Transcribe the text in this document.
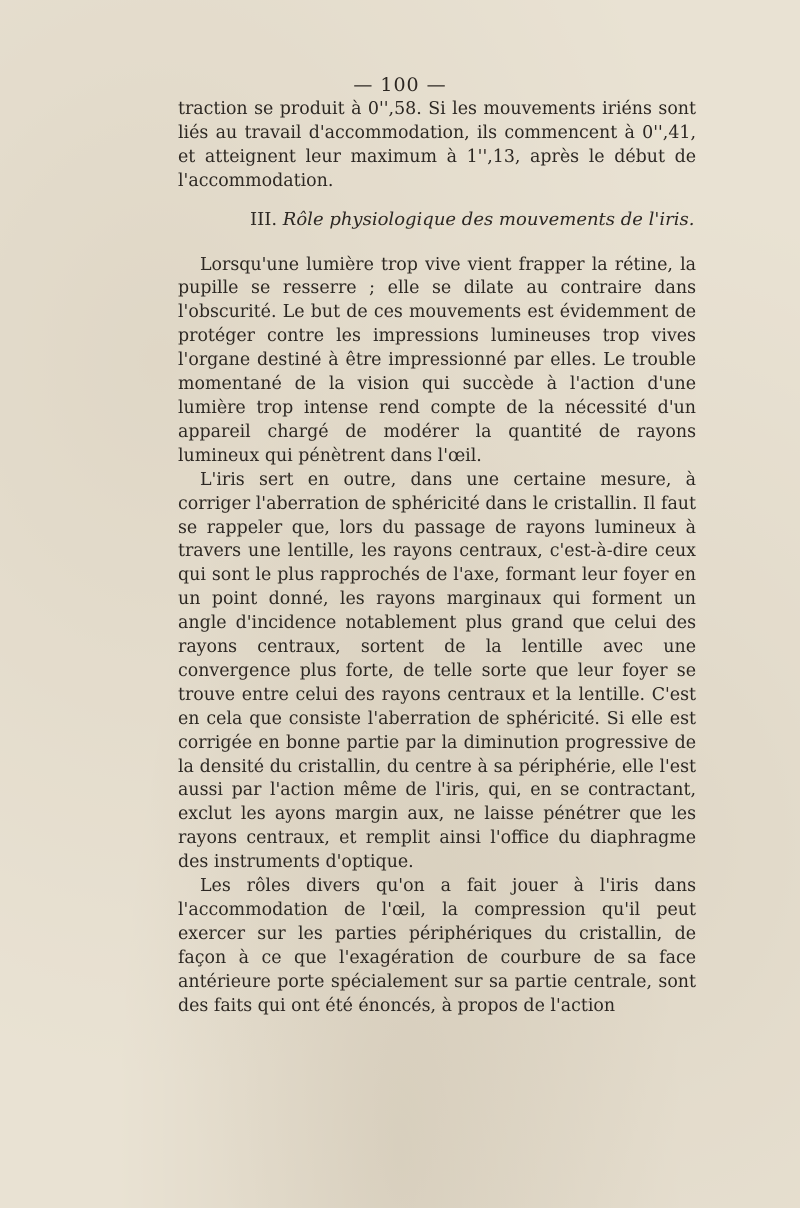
— 100 —

traction se produit à 0'',58. Si les mouvements iriéns sont liés au travail d'accommodation, ils commencent à 0'',41, et atteignent leur maximum à 1'',13, après le début de l'accommodation.

III. Rôle physiologique des mouvements de l'iris.

Lorsqu'une lumière trop vive vient frapper la rétine, la pupille se resserre ; elle se dilate au contraire dans l'obscurité. Le but de ces mouvements est évidemment de protéger contre les impressions lumineuses trop vives l'organe destiné à être impressionné par elles. Le trouble momentané de la vision qui succède à l'action d'une lumière trop intense rend compte de la nécessité d'un appareil chargé de modérer la quantité de rayons lumineux qui pénètrent dans l'œil.

L'iris sert en outre, dans une certaine mesure, à corriger l'aberration de sphéricité dans le cristallin. Il faut se rappeler que, lors du passage de rayons lumineux à travers une lentille, les rayons centraux, c'est-à-dire ceux qui sont le plus rapprochés de l'axe, formant leur foyer en un point donné, les rayons marginaux qui forment un angle d'incidence notablement plus grand que celui des rayons centraux, sortent de la lentille avec une convergence plus forte, de telle sorte que leur foyer se trouve entre celui des rayons centraux et la lentille. C'est en cela que consiste l'aberration de sphéricité. Si elle est corrigée en bonne partie par la diminution progressive de la densité du cristallin, du centre à sa périphérie, elle l'est aussi par l'action même de l'iris, qui, en se contractant, exclut les ayons margin aux, ne laisse pénétrer que les rayons centraux, et remplit ainsi l'office du diaphragme des instruments d'optique.

Les rôles divers qu'on a fait jouer à l'iris dans l'accommodation de l'œil, la compression qu'il peut exercer sur les parties périphériques du cristallin, de façon à ce que l'exagération de courbure de sa face antérieure porte spécialement sur sa partie centrale, sont des faits qui ont été énoncés, à propos de l'action
